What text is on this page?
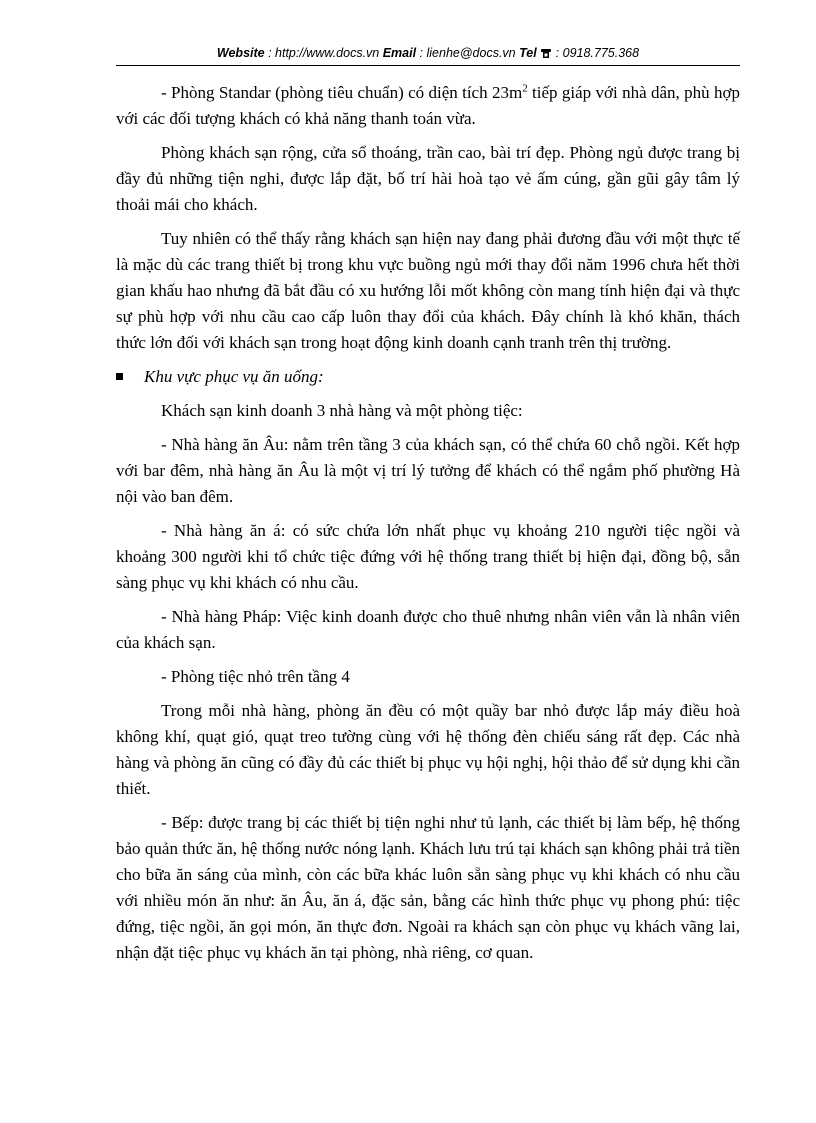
Website : http://www.docs.vn Email : lienhe@docs.vn Tel  : 0918.775.368

- Phòng Standar (phòng tiêu chuẩn) có diện tích $23m^2$ tiếp giáp với nhà dân, phù hợp với các đối tượng khách có khả năng thanh toán vừa.

Phòng khách sạn rộng, cửa sổ thoáng, trần cao, bài trí đẹp. Phòng ngủ được trang bị đầy đủ những tiện nghi, được lắp đặt, bố trí hài hoà tạo vẻ ấm cúng, gần gũi gây tâm lý thoải mái cho khách.

Tuy nhiên có thể thấy rằng khách sạn hiện nay đang phải đương đầu với một thực tế là mặc dù các trang thiết bị trong khu vực buồng ngủ mới thay đổi năm 1996 chưa hết thời gian khấu hao nhưng đã bắt đầu có xu hướng lỗi mốt không còn mang tính hiện đại và thực sự phù hợp với nhu cầu cao cấp luôn thay đổi của khách. Đây chính là khó khăn, thách thức lớn đối với khách sạn trong hoạt động kinh doanh cạnh tranh trên thị trường.

Khu vực phục vụ ăn uống:

Khách sạn kinh doanh 3 nhà hàng và một phòng tiệc:

- Nhà hàng ăn Âu: nằm trên tầng 3 của khách sạn, có thể chứa 60 chỗ ngồi. Kết hợp với bar đêm, nhà hàng ăn Âu là một vị trí lý tưởng để khách có thể ngắm phố phường Hà nội vào ban đêm.

- Nhà hàng ăn á: có sức chứa lớn nhất phục vụ khoảng 210 người tiệc ngồi và khoảng 300 người khi tổ chức tiệc đứng với hệ thống trang thiết bị hiện đại, đồng bộ, sẵn sàng phục vụ khi khách có nhu cầu.

- Nhà hàng Pháp: Việc kinh doanh được cho thuê nhưng nhân viên vẫn là nhân viên của khách sạn.

- Phòng tiệc nhỏ trên tầng 4

Trong mỗi nhà hàng, phòng ăn đều có một quầy bar nhỏ được lắp máy điều hoà không khí, quạt gió, quạt treo tường cùng với hệ thống đèn chiếu sáng rất đẹp. Các nhà hàng và phòng ăn cũng có đầy đủ các thiết bị phục vụ hội nghị, hội thảo để sử dụng khi cần thiết.

- Bếp: được trang bị các thiết bị tiện nghi như tủ lạnh, các thiết bị làm bếp, hệ thống bảo quản thức ăn, hệ thống nước nóng lạnh. Khách lưu trú tại khách sạn không phải trả tiền cho bữa ăn sáng của mình, còn các bữa khác luôn sẵn sàng phục vụ khi khách có nhu cầu với nhiều món ăn như: ăn Âu, ăn á, đặc sản, bằng các hình thức phục vụ phong phú: tiệc đứng, tiệc ngồi, ăn gọi món, ăn thực đơn. Ngoài ra khách sạn còn phục vụ khách vãng lai, nhận đặt tiệc phục vụ khách ăn tại phòng, nhà riêng, cơ quan.
